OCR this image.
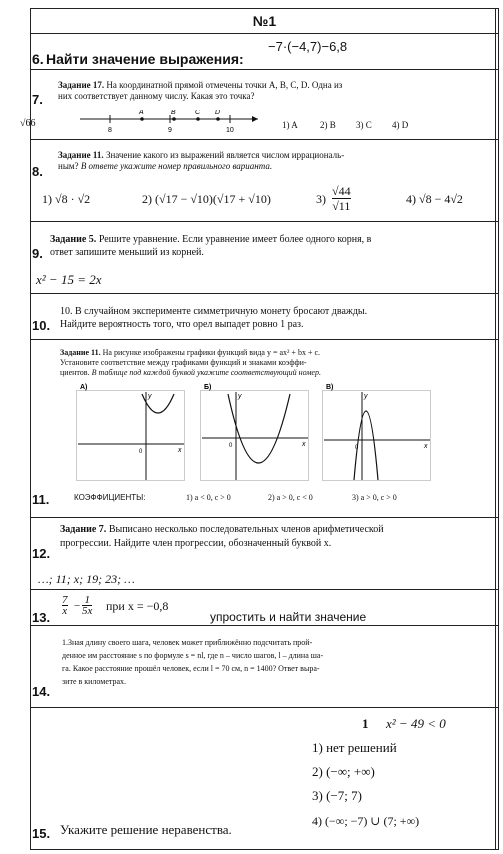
№1
6. Найти значение выражения:
−7·(−4,7)−6,8
7.
Задание 17. На координатной прямой отмечены точки A, B, C, D. Одна из
них соответствует данному числу. Какая это точка?
√66
A	B	C D
8	9	10
1) A 2) B 3) C 4) D
8.
Задание 11. Значение какого из выражений является числом иррациональ-
ным? В ответе укажите номер правильного варианта.
1) √8 · √2	2) (√17 − √10)(√17 + √10)	$3) \frac{√44}{√11}$	4) √8 − 4√2
9.
Задание 5. Решите уравнение. Если уравнение имеет более одного корня, в
ответ запишите меньший из корней.
x² − 15 = 2x
10.
10. В случайном эксперименте симметричную монету бросают дважды.
Найдите вероятность того, что орел выпадет ровно 1 раз.
11.
Задание 11. На рисунке изображены графики функций вида y = ax² + bx + c.
Установите соответствие между графиками функций и знаками коэффи-
циентов. В таблице под каждой буквой укажите соответствующий номер.
А)
y
x
0
Б)
y
x
0
В)
y
x
0
КОЭФФИЦИЕНТЫ:	1) a < 0, c > 0	2) a > 0, c < 0	3) a > 0, c > 0
12.
Задание 7. Выписано несколько последовательных членов арифметической
прогрессии. Найдите член прогрессии, обозначенный буквой x.
…; 11; x; 19; 23; …
13.
$\frac{7}{x} - \frac{1}{5x}$ при x = −0,8
упростить и найти значение
14.
1.Зная длину своего шага, человек может приближённо подсчитать прой-
денное им расстояние s по формуле s = nl, где n – число шагов, l – длина ша-
га. Какое расстояние прошёл человек, если l = 70 см, n = 1400? Ответ выра-
зите в километрах.
15.
1 x² − 49 < 0
1) нет решений
2) (−∞; +∞)
3) (−7; 7)
4) (−∞; −7) ∪ (7; +∞)
Укажите решение неравенства.
